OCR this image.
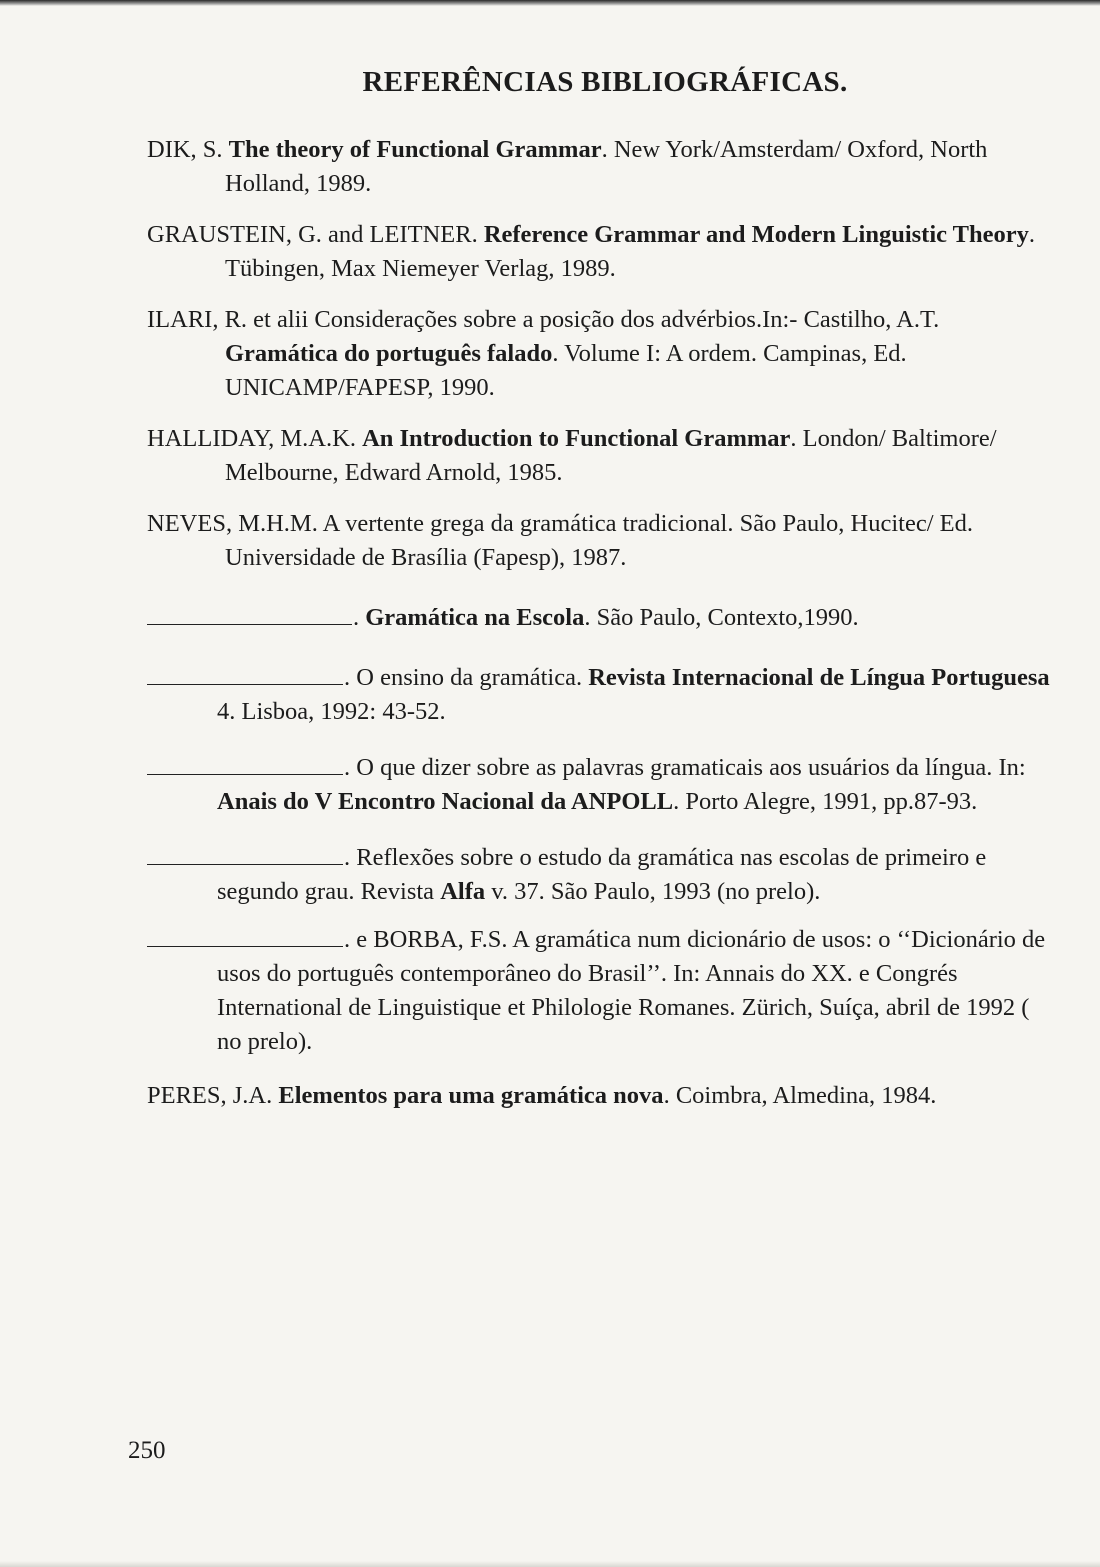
REFERÊNCIAS BIBLIOGRÁFICAS.

DIK, S. The theory of Functional Grammar. New York/Amsterdam/ Oxford, North Holland, 1989.

GRAUSTEIN, G. and LEITNER. Reference Grammar and Modern Linguistic Theory. Tübingen, Max Niemeyer Verlag, 1989.

ILARI, R. et alii Considerações sobre a posição dos advérbios.In:- Castilho, A.T. Gramática do português falado. Volume I: A ordem. Campinas, Ed. UNICAMP/FAPESP, 1990.

HALLIDAY, M.A.K. An Introduction to Functional Grammar. London/ Baltimore/ Melbourne, Edward Arnold, 1985.

NEVES, M.H.M. A vertente grega da gramática tradicional. São Paulo, Hucitec/ Ed. Universidade de Brasília (Fapesp), 1987.

. Gramática na Escola. São Paulo, Contexto,1990.

. O ensino da gramática. Revista Internacional de Língua Portuguesa 4. Lisboa, 1992: 43-52.

. O que dizer sobre as palavras gramaticais aos usuários da língua. In: Anais do V Encontro Nacional da ANPOLL. Porto Alegre, 1991, pp.87-93.

. Reflexões sobre o estudo da gramática nas escolas de primeiro e segundo grau. Revista Alfa v. 37. São Paulo, 1993 (no prelo).

. e BORBA, F.S. A gramática num dicionário de usos: o ‘‘Dicionário de usos do português contemporâneo do Brasil’’. In: Annais do XX. e Congrés International de Linguistique et Philologie Romanes. Zürich, Suíça, abril de 1992 ( no prelo).

PERES, J.A. Elementos para uma gramática nova. Coimbra, Almedina, 1984.

250
